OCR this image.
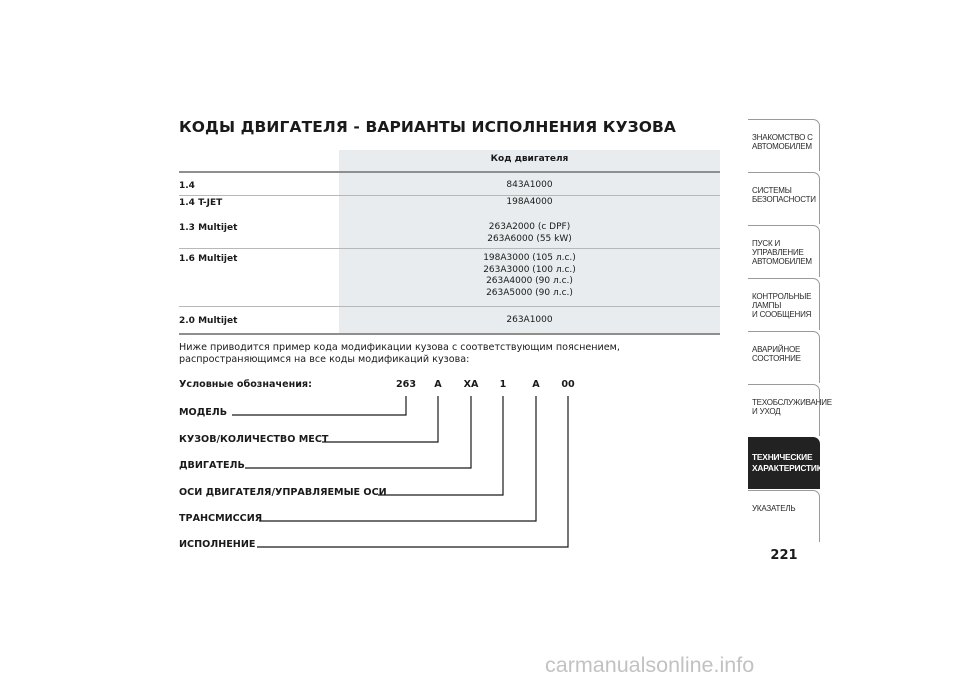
КОДЫ ДВИГАТЕЛЯ - ВАРИАНТЫ ИСПОЛНЕНИЯ КУЗОВА
Код двигателя
1.4	843A1000
1.4 T-JET	198A4000
1.3 Multijet	263A2000 (с DPF)
263A6000 (55 kW)
1.6 Multijet	198A3000 (105 л.с.)
263A3000 (100 л.с.)
263A4000 (90 л.с.)
263A5000 (90 л.с.)
2.0 Multijet	263A1000
Ниже приводится пример кода модификации кузова с соответствующим пояснением, распространяющимся на все коды модификаций кузова:
Условные обозначения:	263 A XA 1	A 00
МОДЕЛЬ
КУЗОВ/КОЛИЧЕСТВО МЕСТ
ДВИГАТЕЛЬ
ОСИ ДВИГАТЕЛЯ/УПРАВЛЯЕМЫЕ ОСИ
ТРАНСМИССИЯ
ИСПОЛНЕНИЕ
ЗНАКОМСТВО С
АВТОМОБИЛЕМ
СИСТЕМЫ
БЕЗОПАСНОСТИ
ПУСК И УПРАВЛЕНИЕ
АВТОМОБИЛЕМ
КОНТРОЛЬНЫЕ
ЛАМПЫ
И СООБЩЕНИЯ
АВАРИЙНОЕ
СОСТОЯНИЕ
ТЕХОБСЛУЖИВАНИЕ
И УХОД
ТЕХНИЧЕСКИЕ
ХАРАКТЕРИСТИКИ
УКАЗАТЕЛЬ
221
carmanualsonline.info
